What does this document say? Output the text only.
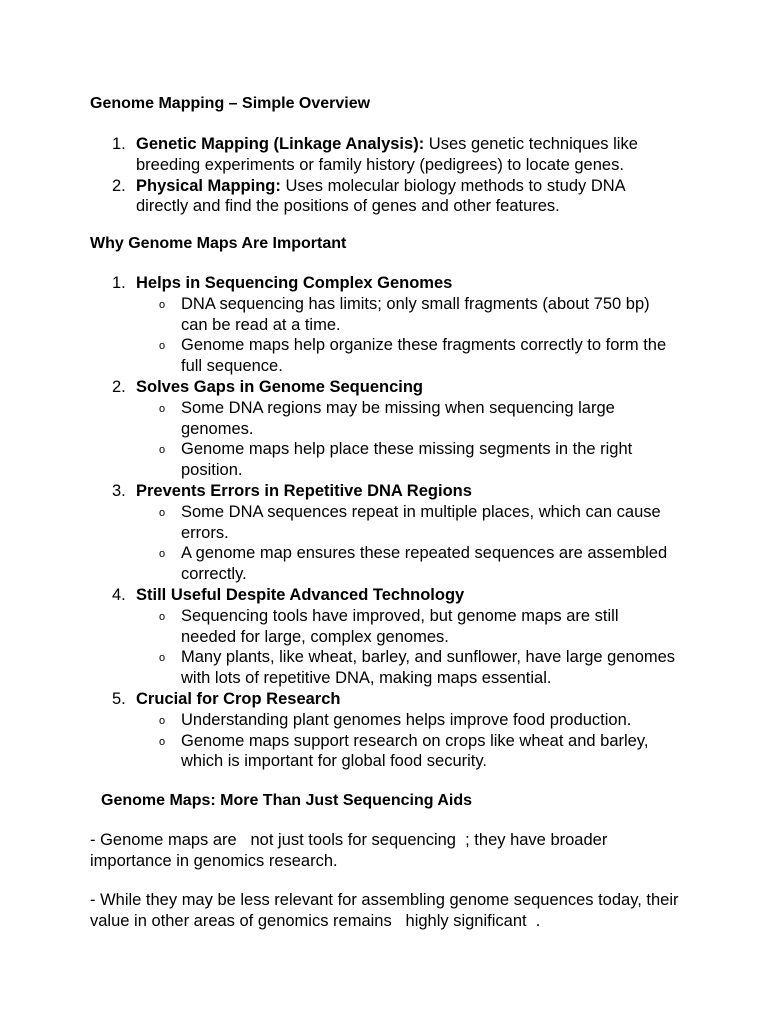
Genome Mapping – Simple Overview
1. Genetic Mapping (Linkage Analysis): Uses genetic techniques like breeding experiments or family history (pedigrees) to locate genes.
2. Physical Mapping: Uses molecular biology methods to study DNA directly and find the positions of genes and other features.
Why Genome Maps Are Important
1. Helps in Sequencing Complex Genomes
o DNA sequencing has limits; only small fragments (about 750 bp) can be read at a time.
o Genome maps help organize these fragments correctly to form the full sequence.
2. Solves Gaps in Genome Sequencing
o Some DNA regions may be missing when sequencing large genomes.
o Genome maps help place these missing segments in the right position.
3. Prevents Errors in Repetitive DNA Regions
o Some DNA sequences repeat in multiple places, which can cause errors.
o A genome map ensures these repeated sequences are assembled correctly.
4. Still Useful Despite Advanced Technology
o Sequencing tools have improved, but genome maps are still needed for large, complex genomes.
o Many plants, like wheat, barley, and sunflower, have large genomes with lots of repetitive DNA, making maps essential.
5. Crucial for Crop Research
o Understanding plant genomes helps improve food production.
o Genome maps support research on crops like wheat and barley, which is important for global food security.
Genome Maps: More Than Just Sequencing Aids

- Genome maps are not just tools for sequencing ; they have broader importance in genomics research.

- While they may be less relevant for assembling genome sequences today, their value in other areas of genomics remains highly significant .
